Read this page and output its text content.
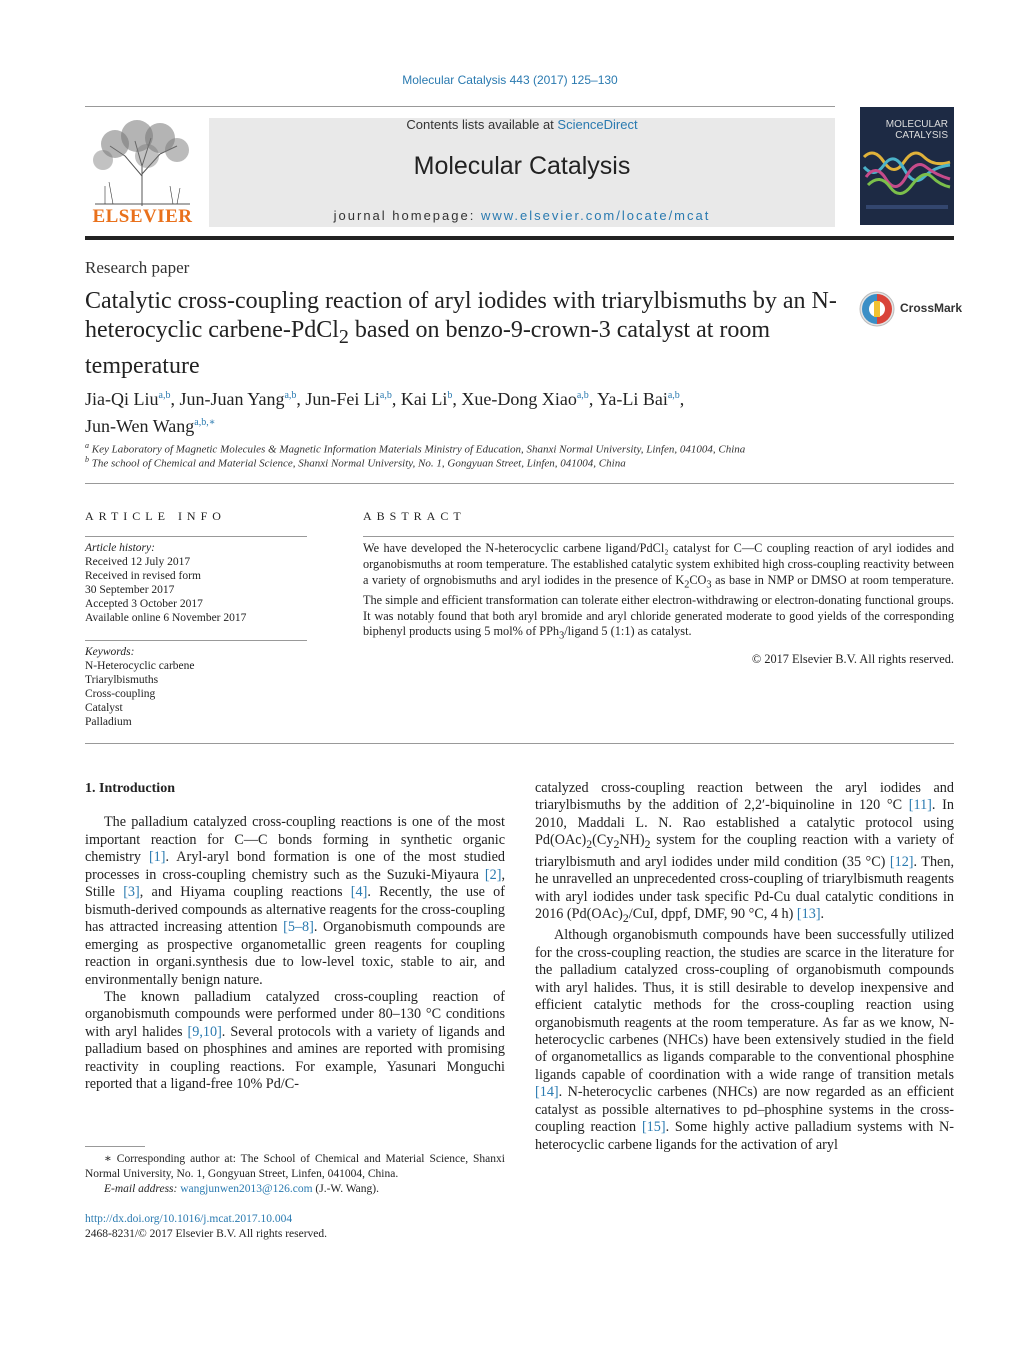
Molecular Catalysis 443 (2017) 125–130
ELSEVIER
Contents lists available at ScienceDirect
Molecular Catalysis
journal homepage: www.elsevier.com/locate/mcat
MOLECULAR CATALYSIS
Research paper
Catalytic cross-coupling reaction of aryl iodides with triarylbismuths by an N-heterocyclic carbene-PdCl$_2$ based on benzo-9-crown-3 catalyst at room temperature
CrossMark
Jia-Qi Liu$^{a,b}$, Jun-Juan Yang$^{a,b}$, Jun-Fei Li$^{a,b}$, Kai Li$^b$, Xue-Dong Xiao$^{a,b}$, Ya-Li Bai$^{a,b}$,
Jun-Wen Wang$^{a,b,∗}$
$^a$ Key Laboratory of Magnetic Molecules & Magnetic Information Materials Ministry of Education, Shanxi Normal University, Linfen, 041004, China
$^b$ The school of Chemical and Material Science, Shanxi Normal University, No. 1, Gongyuan Street, Linfen, 041004, China
ARTICLE INFO
Article history:
Received 12 July 2017
Received in revised form
30 September 2017
Accepted 3 October 2017
Available online 6 November 2017
Keywords:
N-Heterocyclic carbene
Triarylbismuths
Cross-coupling
Catalyst
Palladium
ABSTRACT
We have developed the N-heterocyclic carbene ligand/PdCl₂ catalyst for C—C coupling reaction of aryl iodides and organobismuths at room temperature. The established catalytic system exhibited high cross-coupling reactivity between a variety of orgnobismuths and aryl iodides in the presence of $K_2CO_3$ as base in NMP or DMSO at room temperature. The simple and efficient transformation can tolerate either electron-withdrawing or electron-donating functional groups. It was notably found that both aryl bromide and aryl chloride generated moderate to good yields of the corresponding biphenyl products using 5 mol% of PPh$_3$/ligand 5 (1:1) as catalyst.
© 2017 Elsevier B.V. All rights reserved.

1. Introduction

The palladium catalyzed cross-coupling reactions is one of the most important reaction for C—C bonds forming in synthetic organic chemistry [1]. Aryl-aryl bond formation is one of the most studied processes in cross-coupling chemistry such as the Suzuki-Miyaura [2], Stille [3], and Hiyama coupling reactions [4]. Recently, the use of bismuth-derived compounds as alternative reagents for the cross-coupling has attracted increasing attention [5–8]. Organobismuth compounds are emerging as prospective organometallic green reagents for coupling reaction in organi.synthesis due to low-level toxic, stable to air, and environmentally benign nature.

The known palladium catalyzed cross-coupling reaction of organobismuth compounds were performed under 80–130 °C conditions with aryl halides [9,10]. Several protocols with a variety of ligands and palladium based on phosphines and amines are reported with promising reactivity in coupling reactions. For example, Yasunari Monguchi reported that a ligand-free 10% Pd/C-

∗ Corresponding author at: The School of Chemical and Material Science, Shanxi Normal University, No. 1, Gongyuan Street, Linfen, 041004, China.
E-mail address: wangjunwen2013@126.com (J.-W. Wang).
http://dx.doi.org/10.1016/j.mcat.2017.10.004
2468-8231/© 2017 Elsevier B.V. All rights reserved.

catalyzed cross-coupling reaction between the aryl iodides and triarylbismuths by the addition of 2,2′-biquinoline in 120 °C [11]. In 2010, Maddali L. N. Rao established a catalytic protocol using $Pd(OAc)_2(Cy_2NH)_2$ system for the coupling reaction with a variety of triarylbismuth and aryl iodides under mild condition (35 °C) [12]. Then, he unravelled an unprecedented cross-coupling of triarylbismuth reagents with aryl iodides under task specific Pd-Cu dual catalytic conditions in 2016 ($Pd(OAc)_2$/CuI, dppf, DMF, 90 °C, 4 h) [13].

Although organobismuth compounds have been successfully utilized for the cross-coupling reaction, the studies are scarce in the literature for the palladium catalyzed cross-coupling of organobismuth compounds with aryl halides. Thus, it is still desirable to develop inexpensive and efficient catalytic methods for the cross-coupling reaction using organobismuth reagents at the room temperature. As far as we know, N-heterocyclic carbenes (NHCs) have been extensively studied in the field of organometallics as ligands comparable to the conventional phosphine ligands capable of coordination with a wide range of transition metals [14]. N-heterocyclic carbenes (NHCs) are now regarded as an efficient catalyst as possible alternatives to pd–phosphine systems in the cross-coupling reaction [15]. Some highly active palladium systems with N-heterocyclic carbene ligands for the activation of aryl
